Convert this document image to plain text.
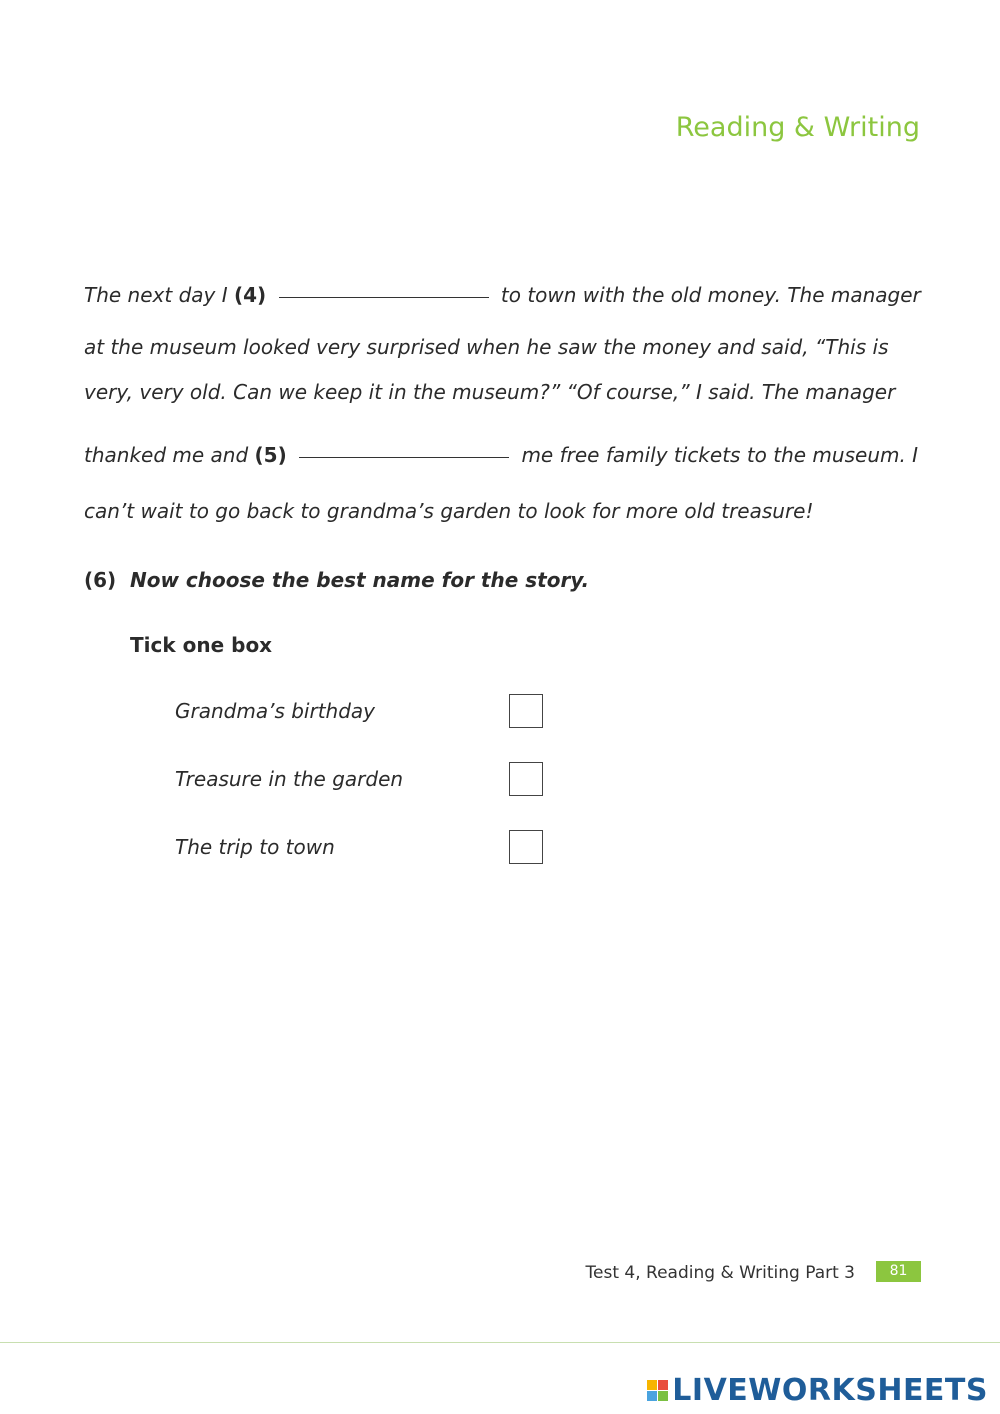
Reading & Writing
The next day I (4)	to town with the old money. The manager
at the museum looked very surprised when he saw the money and said, “This is
very, very old. Can we keep it in the museum?” “Of course,” I said. The manager
thanked me and (5)	me free family tickets to the museum. I
can’t wait to go back to grandma’s garden to look for more old treasure!
(6) Now choose the best name for the story.
Tick one box
Grandma’s birthday
Treasure in the garden
The trip to town
Test 4, Reading & Writing Part 3	81
LIVEWORKSHEETS
